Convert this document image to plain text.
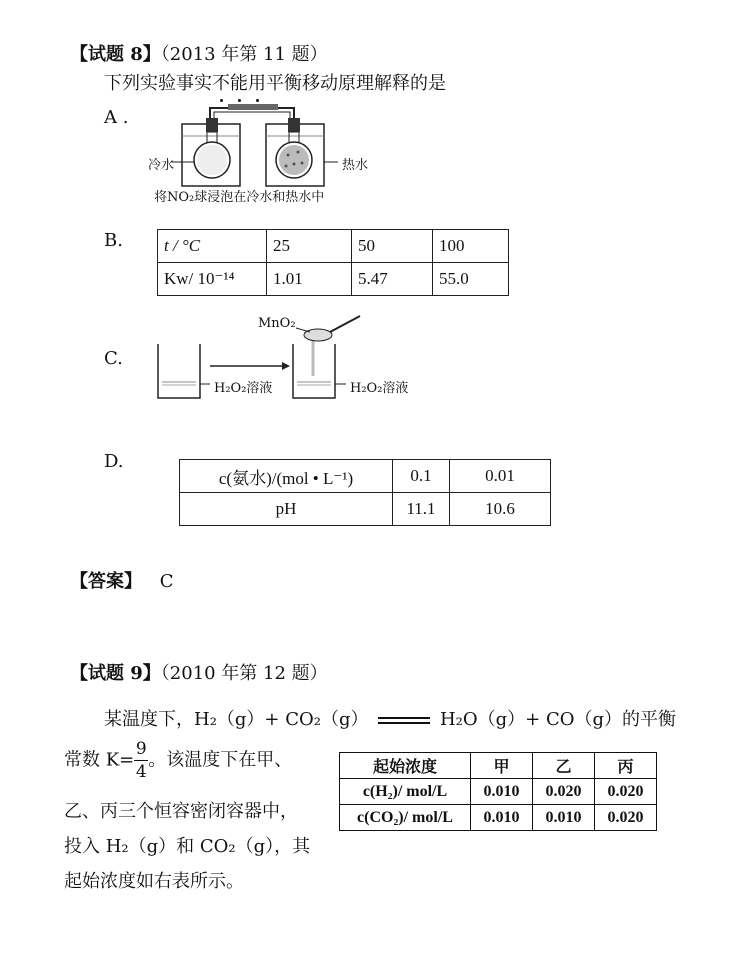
【试题 8】（2013 年第 11 题）
下列实验事实不能用平衡移动原理解释的是
A .
冷水	热水
将NO₂球浸泡在冷水和热水中
B. t / °C	25	50	100
Kw/ 10⁻¹⁴	1.01	5.47	55.0
C.
MnO₂
H₂O₂溶液	H₂O₂溶液
D.
c(氨水)/(mol • L⁻¹)	0.1	0.01
pH	11.1	10.6
【答案】 C
【试题 9】（2010 年第 12 题）
某温度下，H₂（g）+ CO₂（g）	H₂O（g）+ CO（g）的平衡
常数 $K= \frac{9}{4}$ 。该温度下在甲、
乙、丙三个恒容密闭容器中，
投入 H₂（g）和 CO₂（g），其
起始浓度如右表所示。
起始浓度	甲	乙	丙
c(H₂)/ mol/L	0.010	0.020	0.020
c(CO₂)/ mol/L	0.010	0.010	0.020
